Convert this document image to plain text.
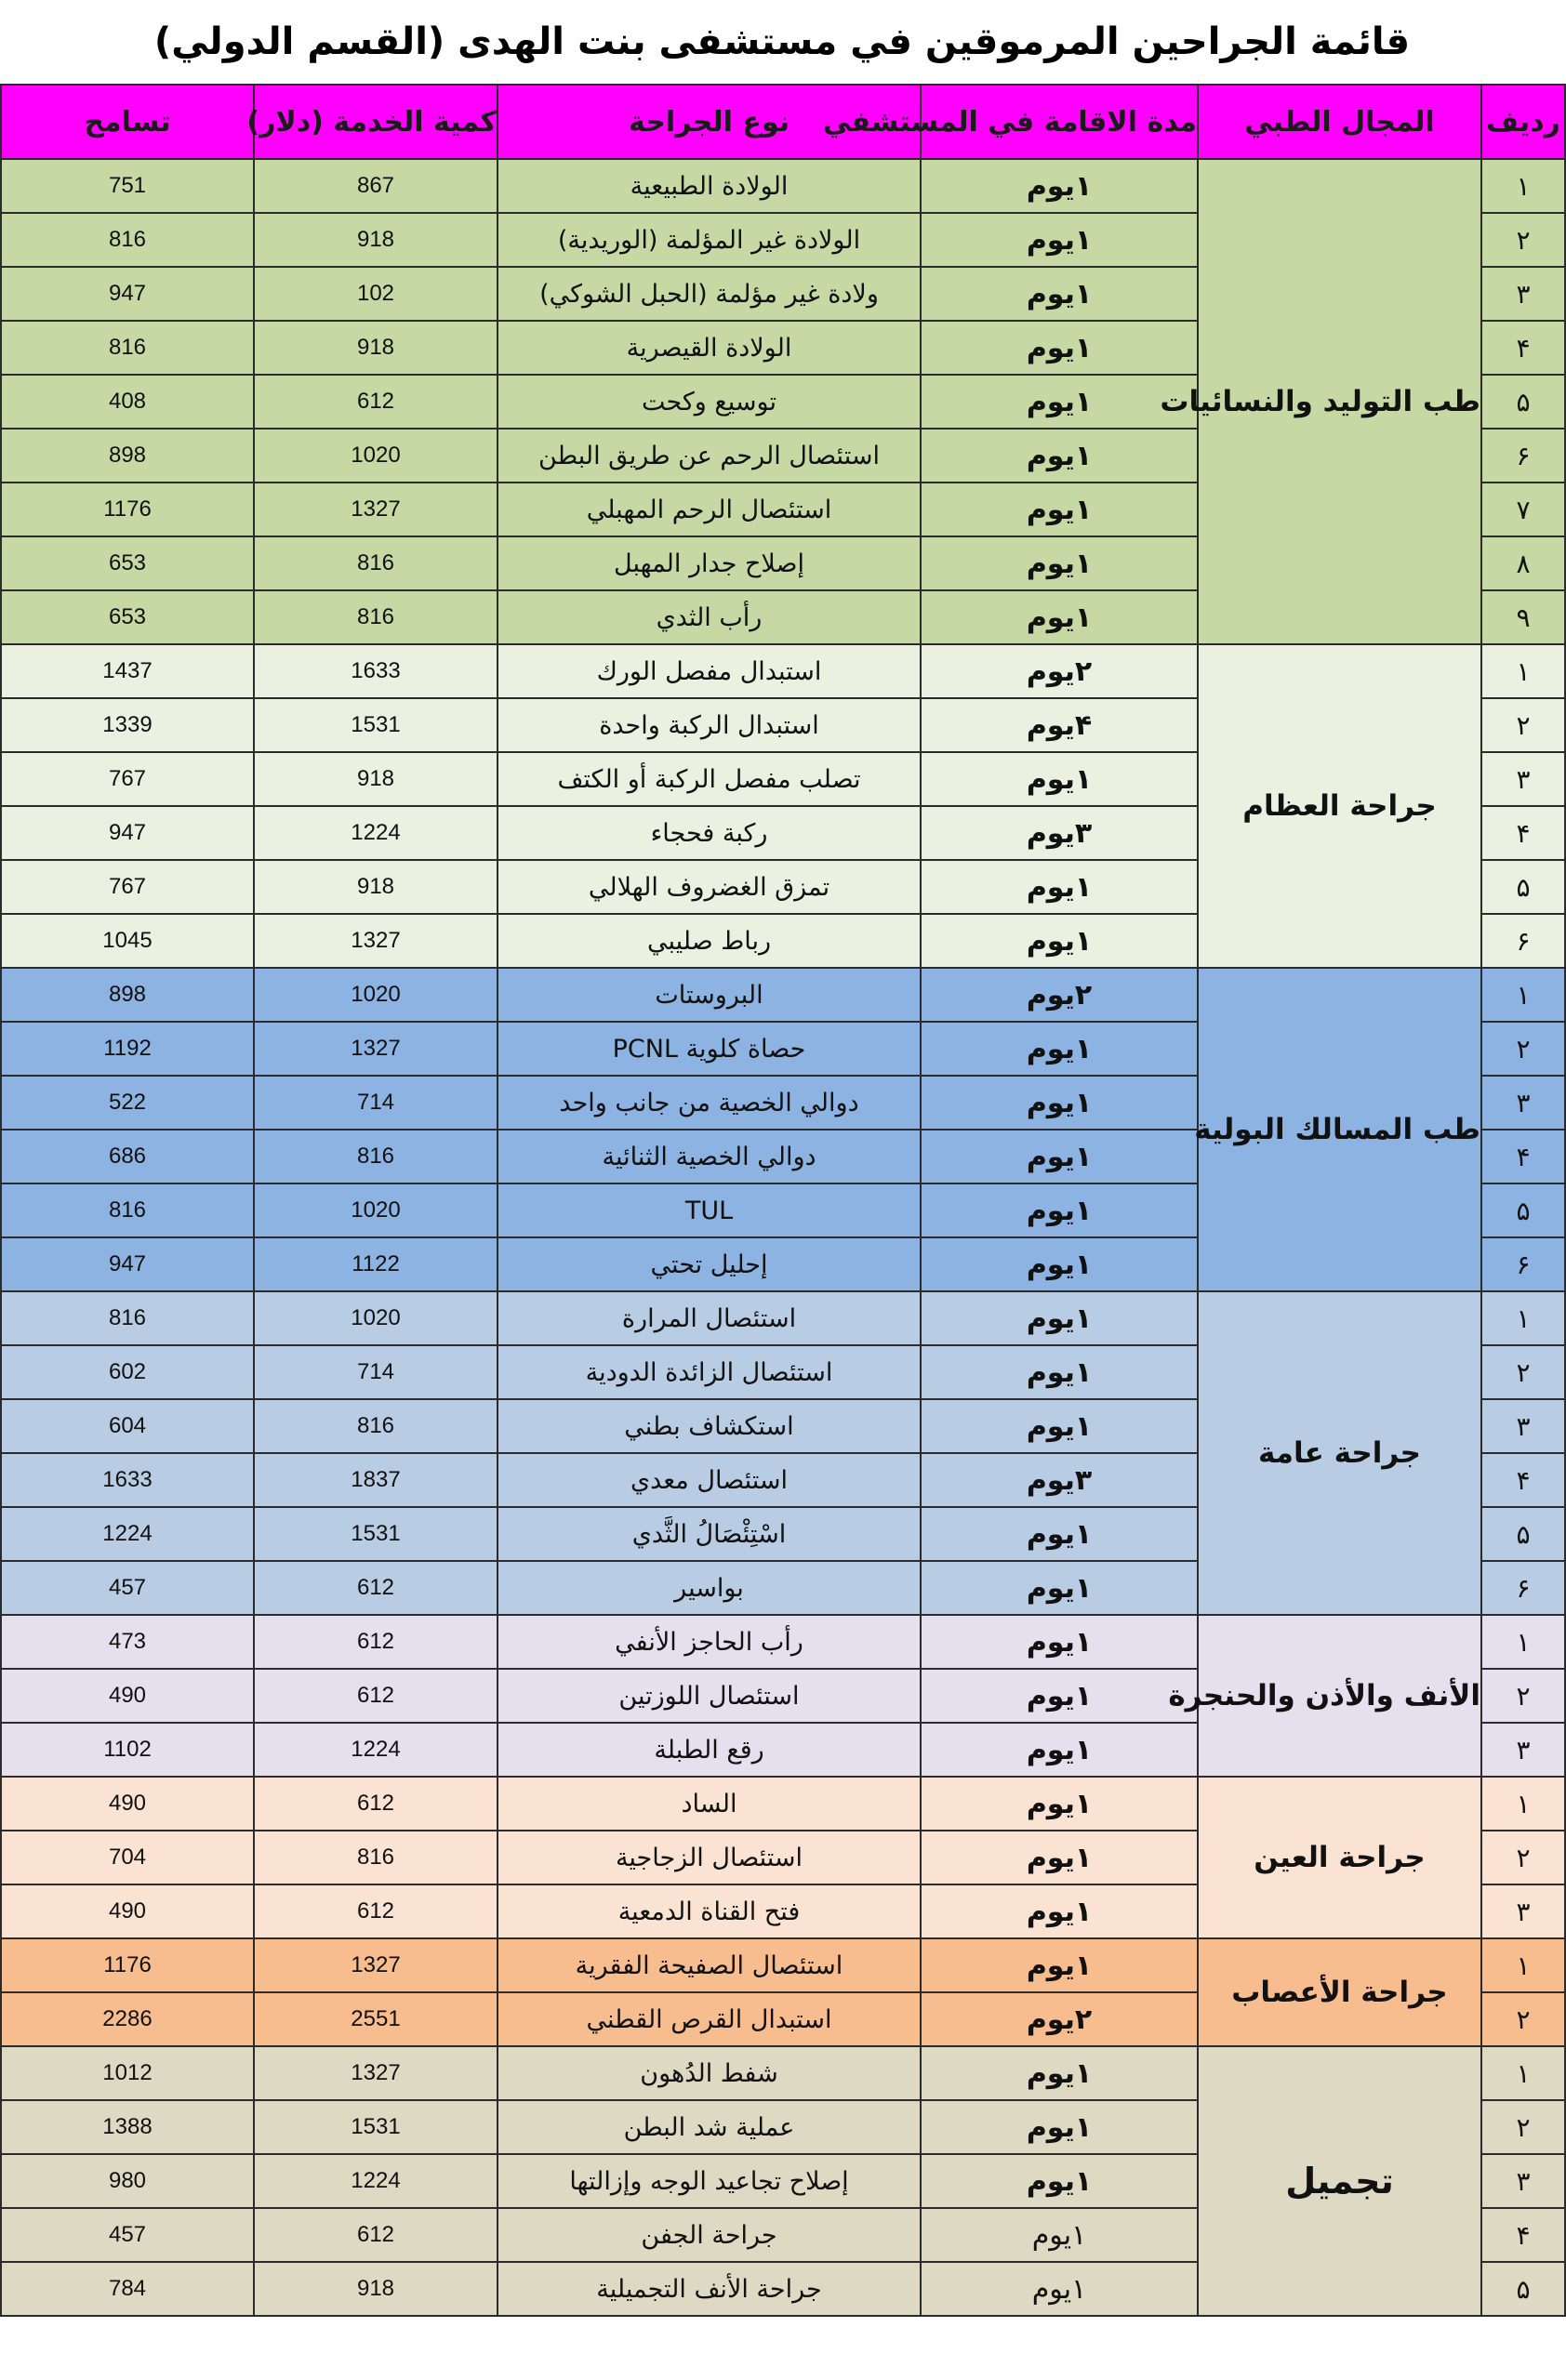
قائمة الجراحين المرموقين في مستشفى بنت الهدى (القسم الدولي)
رديف	المجال الطبي	مدة الاقامة في المستشفي	نوع الجراحة	کمیة الخدمة (دلار)	تسامح
١	طب التوليد والنسائيات	١يوم	الولادة الطبيعية	867	751
٢		١يوم	الولادة غير المؤلمة (الوريدية)	918	816
٣		١يوم	ولادة غير مؤلمة (الحبل الشوكي)	102	947
۴		١يوم	الولادة القيصرية	918	816
۵		١يوم	توسيع وكحت	612	408
۶		١يوم	استئصال الرحم عن طريق البطن	1020	898
٧		١يوم	استئصال الرحم المهبلي	1327	1176
٨		١يوم	إصلاح جدار المهبل	816	653
٩		١يوم	رأب الثدي	816	653
١	جراحة العظام	٢يوم	استبدال مفصل الورك	1633	1437
٢		۴يوم	استبدال الركبة واحدة	1531	1339
٣		١يوم	تصلب مفصل الركبة أو الكتف	918	767
۴		٣يوم	ركبة فحجاء	1224	947
۵		١يوم	تمزق الغضروف الهلالي	918	767
۶		١يوم	رباط صليبي	1327	1045
١	طب المسالك البولية	٢يوم	البروستات	1020	898
٢		١يوم	حصاة كلوية PCNL	1327	1192
٣		١يوم	دوالي الخصية من جانب واحد	714	522
۴		١يوم	دوالي الخصية الثنائية	816	686
۵		١يوم	TUL	1020	816
۶		١يوم	إحليل تحتي	1122	947
١	جراحة عامة	١يوم	استئصال المرارة	1020	816
٢		١يوم	استئصال الزائدة الدودية	714	602
٣		١يوم	استكشاف بطني	816	604
۴		٣يوم	استئصال معدي	1837	1633
۵		١يوم	اسْتِئْصَالُ الثَّدي	1531	1224
۶		١يوم	بواسير	612	457
١	الأنف والأذن والحنجرة	١يوم	رأب الحاجز الأنفي	612	473
٢		١يوم	استئصال اللوزتين	612	490
٣		١يوم	رقع الطبلة	1224	1102
١	جراحة العين	١يوم	الساد	612	490
٢		١يوم	استئصال الزجاجية	816	704
٣		١يوم	فتح القناة الدمعية	612	490
١	جراحة الأعصاب	١يوم	استئصال الصفيحة الفقرية	1327	1176
٢		٢يوم	استبدال القرص القطني	2551	2286
١	تجميل	١يوم	شفط الدُهون	1327	1012
٢		١يوم	عملية شد البطن	1531	1388
٣		١يوم	إصلاح تجاعيد الوجه وإزالتها	1224	980
۴		١يوم	جراحة الجفن	612	457
۵		١يوم	جراحة الأنف التجميلية	918	784
